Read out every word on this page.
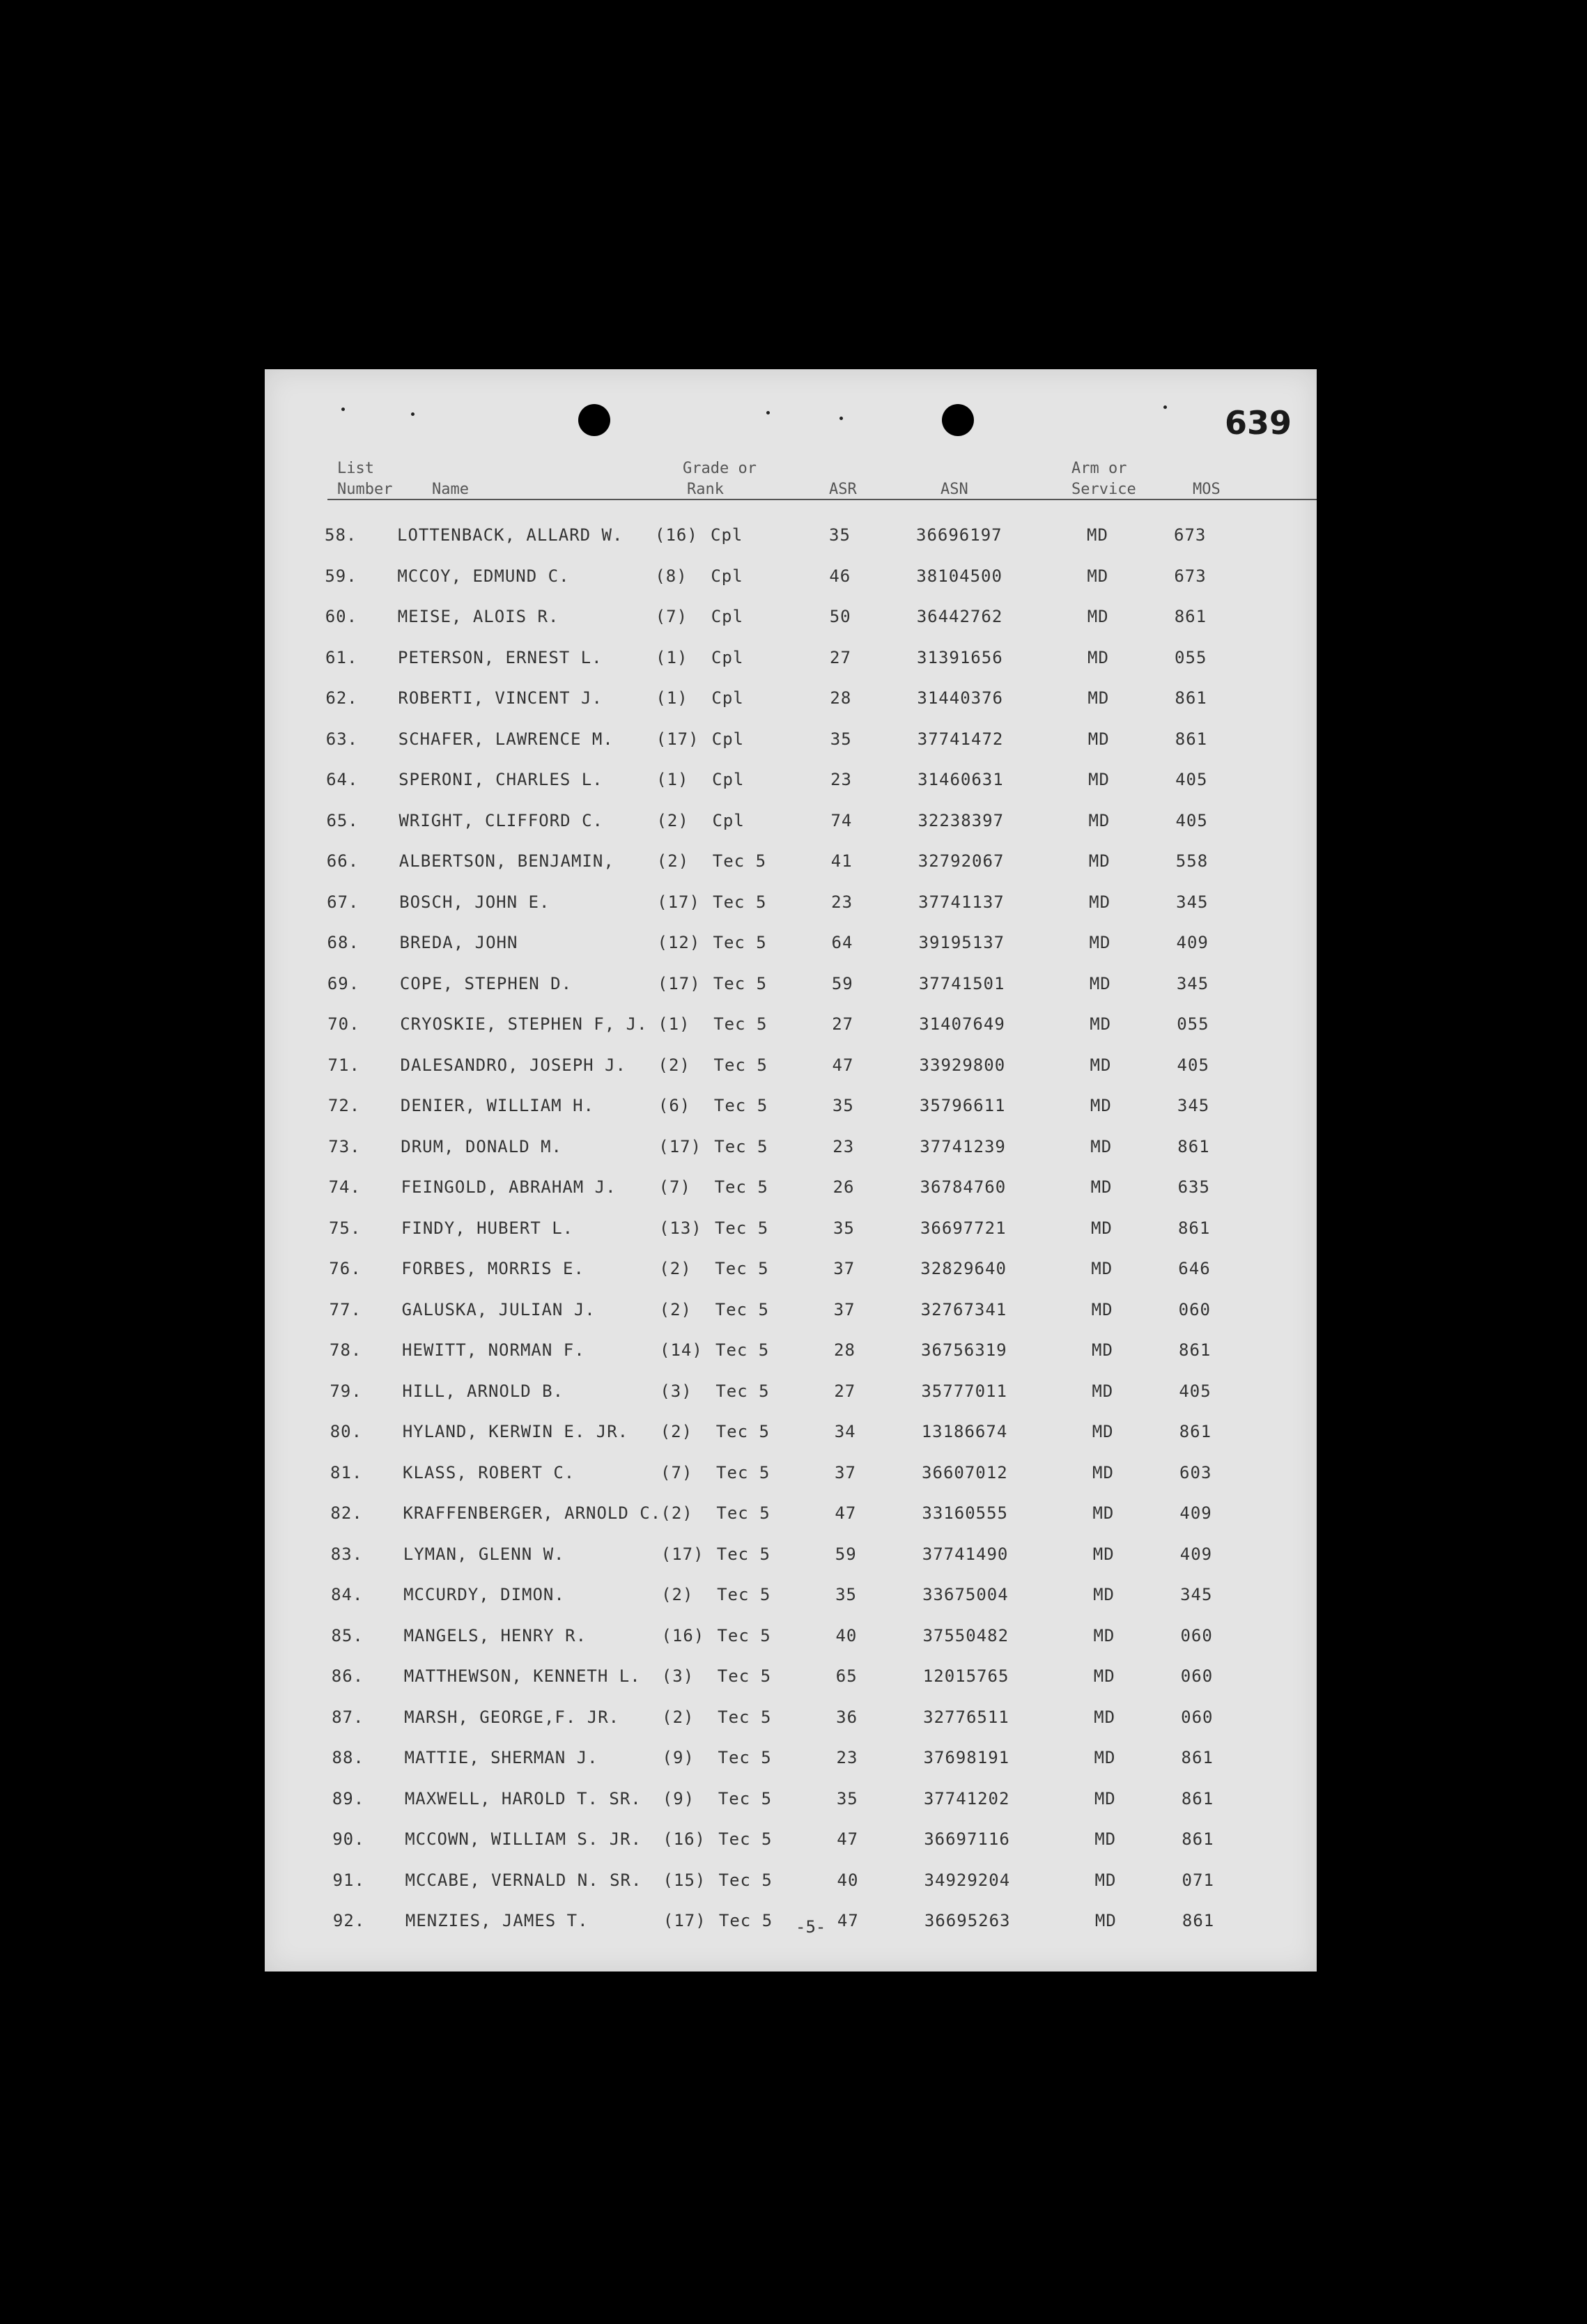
639
List
Number	Name
Grade or
Rank	ASR	ASN
Arm or
Service	MOS
58. LOTTENBACK, ALLARD W. (16) Cpl	35	36696197	MD	673
59. MCCOY, EDMUND C.	(8) Cpl	46	38104500	MD	673
60. MEISE, ALOIS R.	(7) Cpl	50	36442762	MD	861
61. PETERSON, ERNEST L.	(1) Cpl	27	31391656	MD	055
62. ROBERTI, VINCENT J.	(1) Cpl	28	31440376	MD	861
63. SCHAFER, LAWRENCE M.	(17) Cpl	35	37741472	MD	861
64. SPERONI, CHARLES L.	(1) Cpl	23	31460631	MD	405
65. WRIGHT, CLIFFORD C.	(2) Cpl	74	32238397	MD	405
66. ALBERTSON, BENJAMIN,	(2) Tec 5	41	32792067	MD	558
67. BOSCH, JOHN E.	(17) Tec 5	23	37741137	MD	345
68. BREDA, JOHN	(12) Tec 5	64	39195137	MD	409
69. COPE, STEPHEN D.	(17) Tec 5	59	37741501	MD	345
70. CRYOSKIE, STEPHEN F, J. (1) Tec 5	27	31407649	MD	055
71. DALESANDRO, JOSEPH J. (2) Tec 5	47	33929800	MD	405
72. DENIER, WILLIAM H.	(6) Tec 5	35	35796611	MD	345
73. DRUM, DONALD M.	(17) Tec 5	23	37741239	MD	861
74. FEINGOLD, ABRAHAM J.	(7) Tec 5	26	36784760	MD	635
75. FINDY, HUBERT L.	(13) Tec 5	35	36697721	MD	861
76. FORBES, MORRIS E.	(2) Tec 5	37	32829640	MD	646
77. GALUSKA, JULIAN J.	(2) Tec 5	37	32767341	MD	060
78. HEWITT, NORMAN F.	(14) Tec 5	28	36756319	MD	861
79. HILL, ARNOLD B.	(3) Tec 5	27	35777011	MD	405
80. HYLAND, KERWIN E. JR. (2) Tec 5	34	13186674	MD	861
81. KLASS, ROBERT C.	(7) Tec 5	37	36607012	MD	603
82. KRAFFENBERGER, ARNOLD C. (2) Tec 5	47	33160555	MD	409
83. LYMAN, GLENN W.	(17) Tec 5	59	37741490	MD	409
84. MCCURDY, DIMON.	(2) Tec 5	35	33675004	MD	345
85. MANGELS, HENRY R.	(16) Tec 5	40	37550482	MD	060
86. MATTHEWSON, KENNETH L. (3) Tec 5	65	12015765	MD	060
87. MARSH, GEORGE,F. JR.	(2) Tec 5	36	32776511	MD	060
88. MATTIE, SHERMAN J.	(9) Tec 5	23	37698191	MD	861
89. MAXWELL, HAROLD T. SR. (9) Tec 5	35	37741202	MD	861
90. MCCOWN, WILLIAM S. JR. (16) Tec 5	47	36697116	MD	861
91. MCCABE, VERNALD N. SR. (15) Tec 5	40	34929204	MD	071
92. MENZIES, JAMES T.	(17) Tec 5	47	36695263	MD	861
-5-
